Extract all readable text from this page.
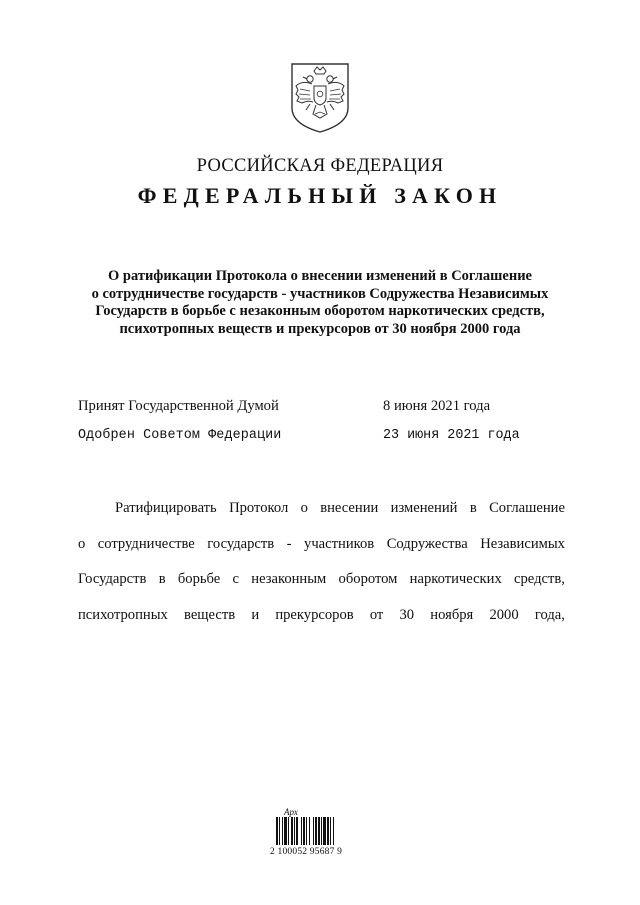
РОССИЙСКАЯ ФЕДЕРАЦИЯ
ФЕДЕРАЛЬНЫЙ ЗАКОН
О ратификации Протокола о внесении изменений в Соглашение
о сотрудничестве государств - участников Содружества Независимых
Государств в борьбе с незаконным оборотом наркотических средств,
психотропных веществ и прекурсоров от 30 ноября 2000 года
Принят Государственной Думой	8 июня 2021 года
Одобрен Советом Федерации	23 июня 2021 года
Ратифицировать Протокол о внесении изменений в Соглашение
о сотрудничестве государств - участников Содружества Независимых
Государств в борьбе с незаконным оборотом наркотических средств,
психотропных веществ и прекурсоров от 30 ноября 2000 года,
Арх
2 100052 95687 9
